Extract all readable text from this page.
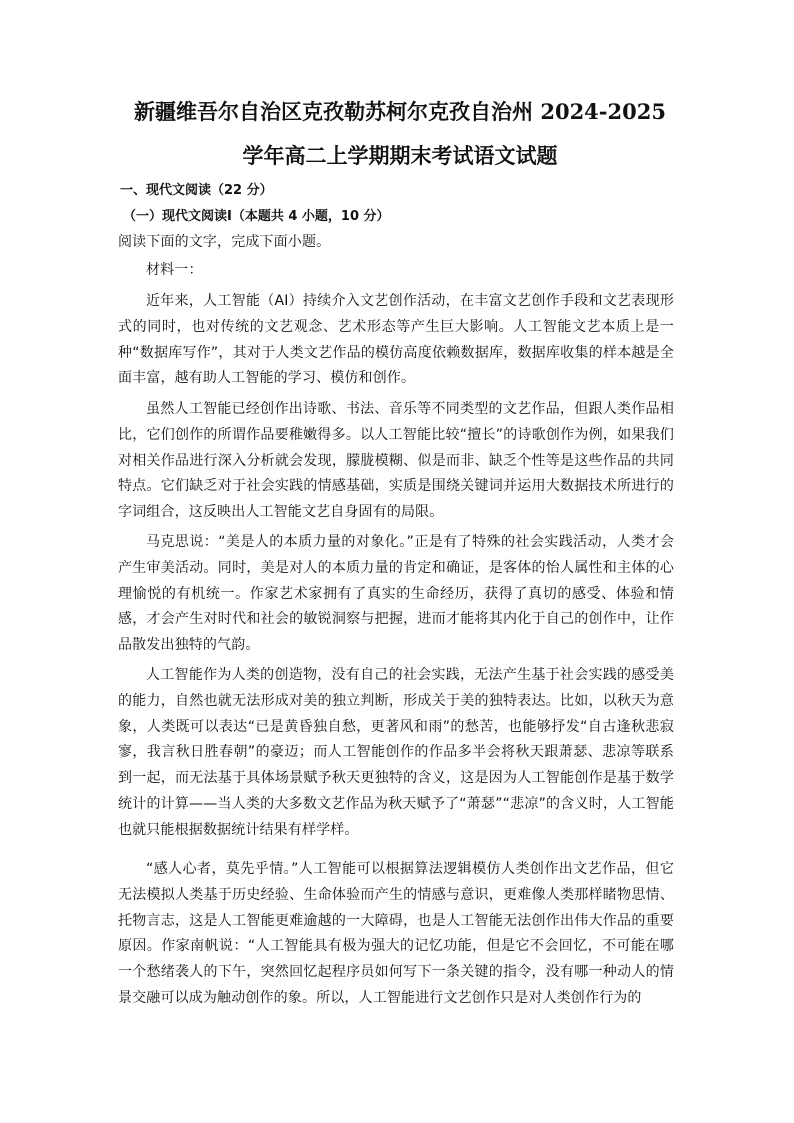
新疆维吾尔自治区克孜勒苏柯尔克孜自治州 2024-2025
学年高二上学期期末考试语文试题
一、现代文阅读（22 分）
（一）现代文阅读Ⅰ（本题共 4 小题，10 分）
阅读下面的文字，完成下面小题。
材料一：
近年来，人工智能（AI）持续介入文艺创作活动，在丰富文艺创作手段和文艺表现形式的同时，也对传统的文艺观念、艺术形态等产生巨大影响。人工智能文艺本质上是一种“数据库写作”，其对于人类文艺作品的模仿高度依赖数据库，数据库收集的样本越是全面丰富，越有助人工智能的学习、模仿和创作。
虽然人工智能已经创作出诗歌、书法、音乐等不同类型的文艺作品，但跟人类作品相比，它们创作的所谓作品要稚嫩得多。以人工智能比较“擅长”的诗歌创作为例，如果我们对相关作品进行深入分析就会发现，朦胧模糊、似是而非、缺乏个性等是这些作品的共同特点。它们缺乏对于社会实践的情感基础，实质是围绕关键词并运用大数据技术所进行的字词组合，这反映出人工智能文艺自身固有的局限。
马克思说：“美是人的本质力量的对象化。”正是有了特殊的社会实践活动，人类才会产生审美活动。同时，美是对人的本质力量的肯定和确证，是客体的怡人属性和主体的心理愉悦的有机统一。作家艺术家拥有了真实的生命经历，获得了真切的感受、体验和情感，才会产生对时代和社会的敏锐洞察与把握，进而才能将其内化于自己的创作中，让作品散发出独特的气韵。
人工智能作为人类的创造物，没有自己的社会实践，无法产生基于社会实践的感受美的能力，自然也就无法形成对美的独立判断，形成关于美的独特表达。比如，以秋天为意象，人类既可以表达“已是黄昏独自愁，更著风和雨”的愁苦，也能够抒发“自古逢秋悲寂寥，我言秋日胜春朝”的豪迈；而人工智能创作的作品多半会将秋天跟萧瑟、悲凉等联系到一起，而无法基于具体场景赋予秋天更独特的含义，这是因为人工智能创作是基于数学统计的计算——当人类的大多数文艺作品为秋天赋予了“萧瑟”“悲凉”的含义时，人工智能也就只能根据数据统计结果有样学样。
“感人心者，莫先乎情。”人工智能可以根据算法逻辑模仿人类创作出文艺作品，但它无法模拟人类基于历史经验、生命体验而产生的情感与意识，更难像人类那样睹物思情、托物言志，这是人工智能更难逾越的一大障碍，也是人工智能无法创作出伟大作品的重要原因。作家南帆说：“人工智能具有极为强大的记忆功能，但是它不会回忆，不可能在哪一个愁绪袭人的下午，突然回忆起程序员如何写下一条关键的指令，没有哪一种动人的情景交融可以成为触动创作的象。所以，人工智能进行文艺创作只是对人类创作行为的
